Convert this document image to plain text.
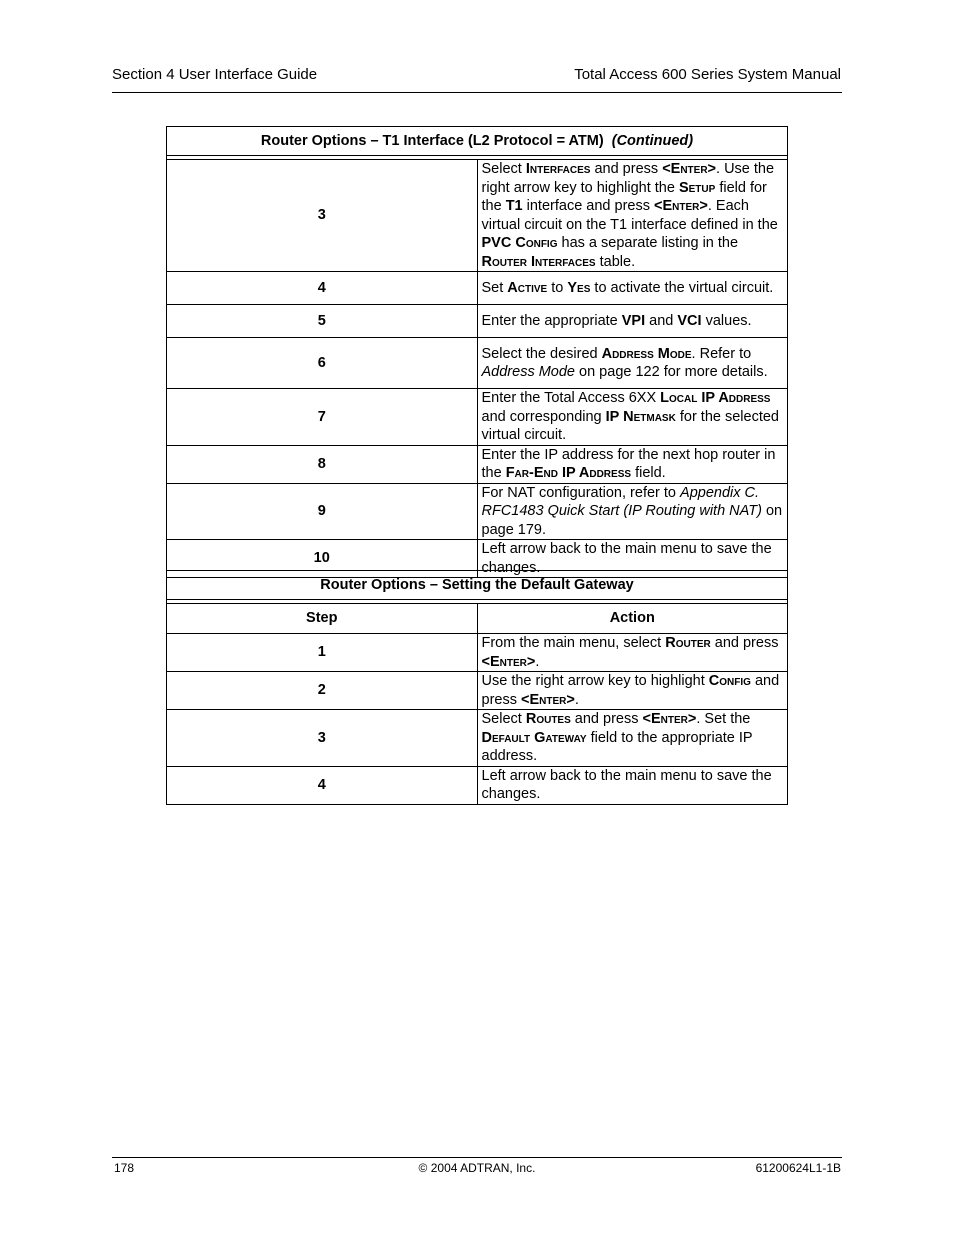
Section 4 User Interface Guide	Total Access 600 Series System Manual
Router Options – T1 Interface (L2 Protocol = ATM) (Continued)	

3	Select Interfaces and press <Enter>. Use the right arrow key to highlight the Setup field for the T1 interface and press <Enter>. Each virtual circuit on the T1 interface defined in the PVC Config has a separate listing in the Router Interfaces table.
4	Set Active to Yes to activate the virtual circuit.
5	Enter the appropriate VPI and VCI values.
6	Select the desired Address Mode. Refer to Address Mode on page 122 for more details.
7	Enter the Total Access 6XX Local IP Address and corresponding IP Netmask for the selected virtual circuit.
8	Enter the IP address for the next hop router in the Far-End IP Address field.
9	For NAT configuration, refer to Appendix C. RFC1483 Quick Start (IP Routing with NAT) on page 179.
10	Left arrow back to the main menu to save the changes.
Router Options – Setting the Default Gateway	

Step	Action
1	From the main menu, select Router and press <Enter>.
2	Use the right arrow key to highlight Config and press <Enter>.
3	Select Routes and press <Enter>. Set the Default Gateway field to the appropriate IP address.
4	Left arrow back to the main menu to save the changes.
178	© 2004 ADTRAN, Inc.	61200624L1-1B
